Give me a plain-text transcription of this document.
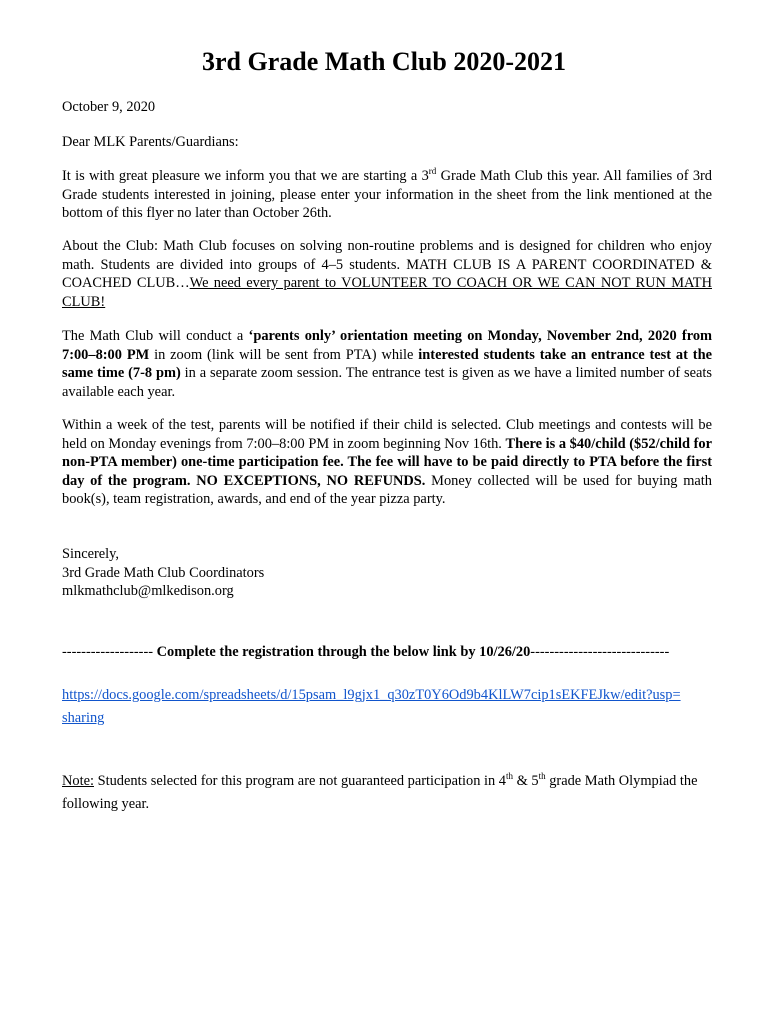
3rd Grade Math Club 2020-2021
October 9, 2020
Dear MLK Parents/Guardians:
It is with great pleasure we inform you that we are starting a 3rd Grade Math Club this year. All families of 3rd Grade students interested in joining, please enter your information in the sheet from the link mentioned at the bottom of this flyer no later than October 26th.
About the Club: Math Club focuses on solving non-routine problems and is designed for children who enjoy math. Students are divided into groups of 4–5 students. MATH CLUB IS A PARENT COORDINATED & COACHED CLUB…We need every parent to VOLUNTEER TO COACH OR WE CAN NOT RUN MATH CLUB!
The Math Club will conduct a ‘parents only’ orientation meeting on Monday, November 2nd, 2020 from 7:00–8:00 PM in zoom (link will be sent from PTA) while interested students take an entrance test at the same time (7-8 pm) in a separate zoom session. The entrance test is given as we have a limited number of seats available each year.
Within a week of the test, parents will be notified if their child is selected. Club meetings and contests will be held on Monday evenings from 7:00–8:00 PM in zoom beginning Nov 16th. There is a $40/child ($52/child for non-PTA member) one-time participation fee. The fee will have to be paid directly to PTA before the first day of the program. NO EXCEPTIONS, NO REFUNDS. Money collected will be used for buying math book(s), team registration, awards, and end of the year pizza party.
Sincerely,
3rd Grade Math Club Coordinators
mlkmathclub@mlkedison.org
------------------- Complete the registration through the below link by 10/26/20-----------------------------
https://docs.google.com/spreadsheets/d/15psam_l9gjx1_q30zT0Y6Od9b4KlLW7cip1sEKFEJkw/edit?usp=
sharing
Note: Students selected for this program are not guaranteed participation in 4th & 5th grade Math Olympiad the following year.
